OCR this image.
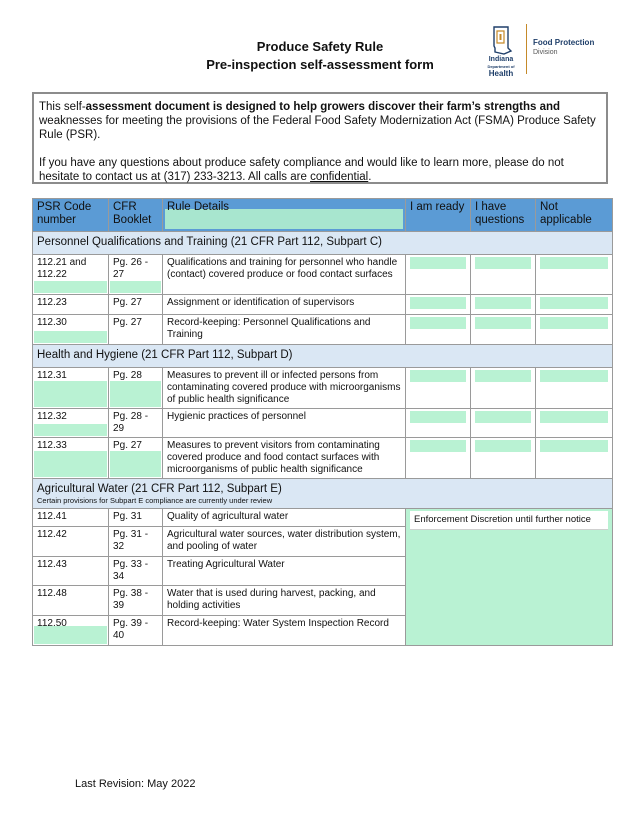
Produce Safety Rule
Pre-inspection self-assessment form	Indiana
Department of
Health
Food Protection
Division

This self-assessment document is designed to help growers discover their farm’s strengths and weaknesses for meeting the provisions of the Federal Food Safety Modernization Act (FSMA) Produce Safety Rule (PSR).

If you have any questions about produce safety compliance and would like to learn more, please do not hesitate to contact us at (317) 233-3213. All calls are confidential.

PSR Code number	CFR Booklet	Rule Details	I am ready	I have questions	Not applicable
Personnel Qualifications and Training (21 CFR Part 112, Subpart C)					

112.21 and 112.22	Pg. 26 - 27	Qualifications and training for personnel who handle (contact) covered produce or food contact surfaces	

112.23	Pg. 27	Assignment or identification of supervisors	

112.30	Pg. 27	Record-keeping: Personnel Qualifications and Training	

Health and Hygiene (21 CFR Part 112, Subpart D)					

112.31	Pg. 28	Measures to prevent ill or infected persons from contaminating covered produce with microorganisms of public health significance	

112.32	Pg. 28 - 29	Hygienic practices of personnel	

112.33	Pg. 27	Measures to prevent visitors from contaminating covered produce and food contact surfaces with microorganisms of public health significance	

Agricultural Water (21 CFR Part 112, Subpart E)
Certain provisions for Subpart E compliance are currently under review					

112.41	Pg. 31	Quality of agricultural water	Enforcement Discretion until further notice		

112.42	Pg. 31 - 32	Agricultural water sources, water distribution system, and pooling of water			

112.43	Pg. 33 - 34	Treating Agricultural Water			

112.48	Pg. 38 - 39	Water that is used during harvest, packing, and holding activities			

112.50	Pg. 39 - 40	Record-keeping: Water System Inspection Record			
Last Revision: May 2022
